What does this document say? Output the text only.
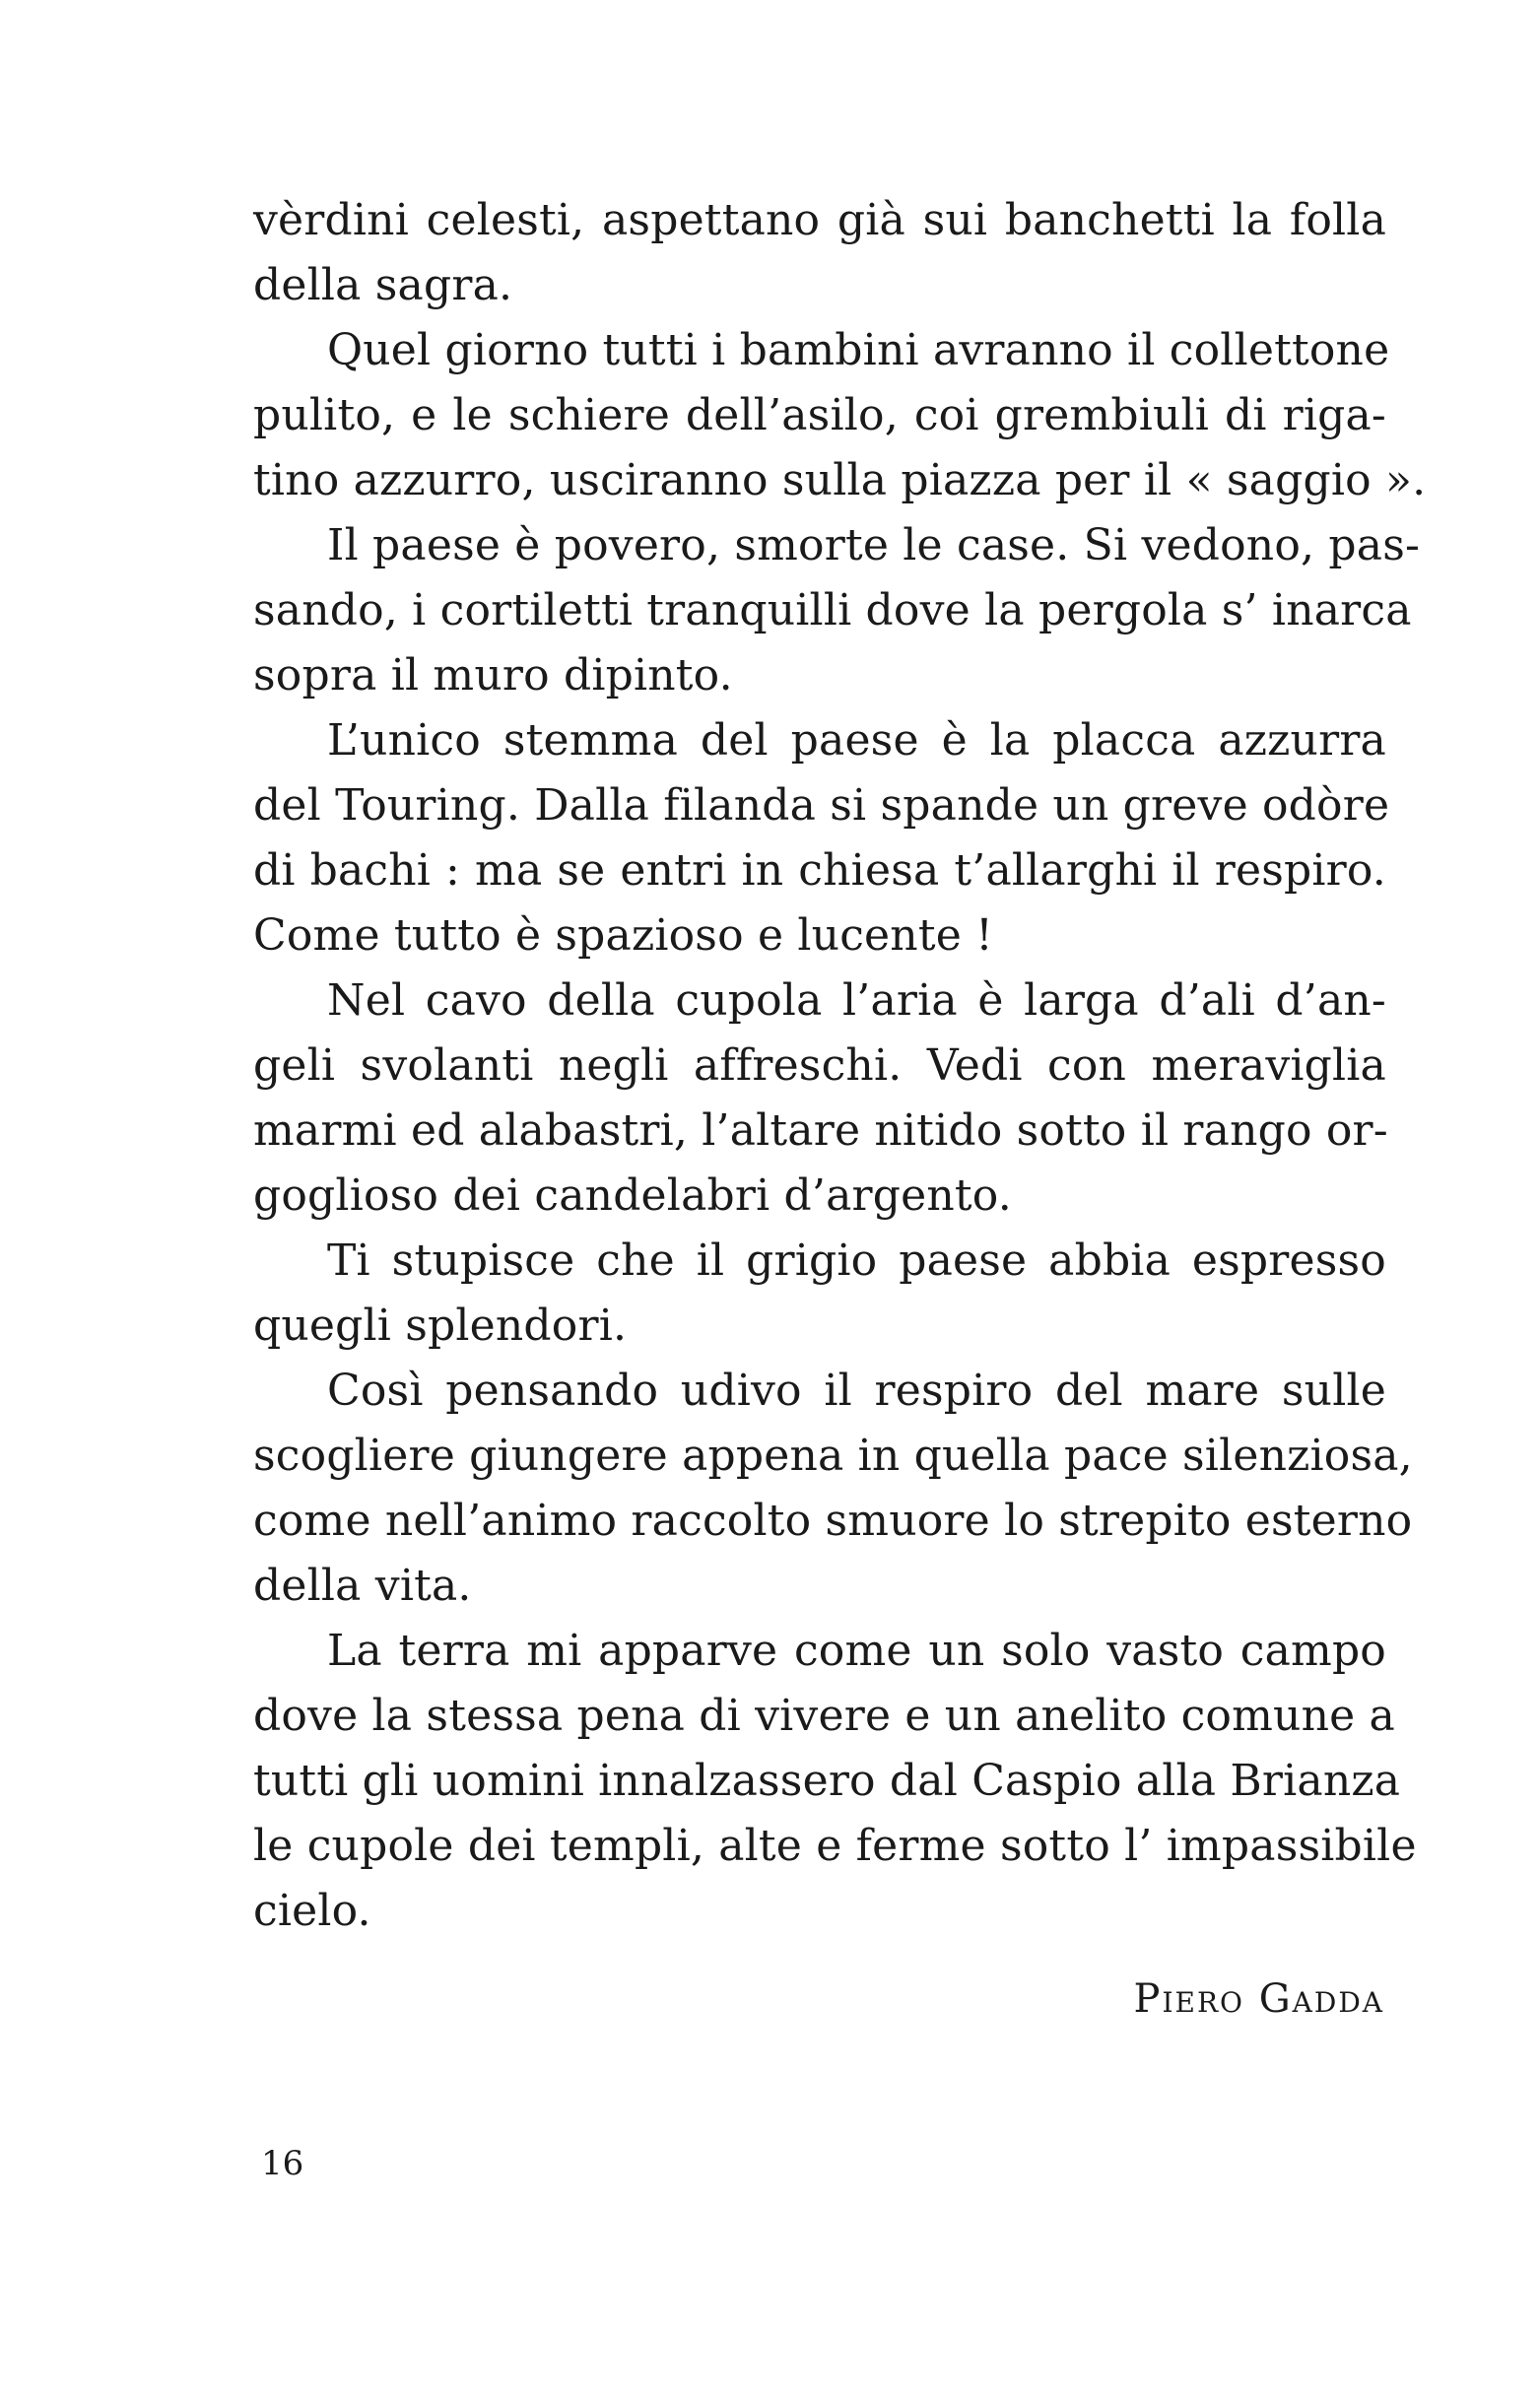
vèrdini celesti, aspettano già sui banchetti la folla
della sagra.
Quel giorno tutti i bambini avranno il collettone
pulito, e le schiere dell’asilo, coi grembiuli di riga-
tino azzurro, usciranno sulla piazza per il « saggio ».
Il paese è povero, smorte le case. Si vedono, pas-
sando, i cortiletti tranquilli dove la pergola s’ inarca
sopra il muro dipinto.
L’unico stemma del paese è la placca azzurra
del Touring. Dalla filanda si spande un greve odòre
di bachi : ma se entri in chiesa t’allarghi il respiro.
Come tutto è spazioso e lucente !
Nel cavo della cupola l’aria è larga d’ali d’an-
geli svolanti negli affreschi. Vedi con meraviglia
marmi ed alabastri, l’altare nitido sotto il rango or-
goglioso dei candelabri d’argento.
Ti stupisce che il grigio paese abbia espresso
quegli splendori.
Così pensando udivo il respiro del mare sulle
scogliere giungere appena in quella pace silenziosa,
come nell’animo raccolto smuore lo strepito esterno
della vita.
La terra mi apparve come un solo vasto campo
dove la stessa pena di vivere e un anelito comune a
tutti gli uomini innalzassero dal Caspio alla Brianza
le cupole dei templi, alte e ferme sotto l’ impassibile
cielo.
Piero Gadda
16
